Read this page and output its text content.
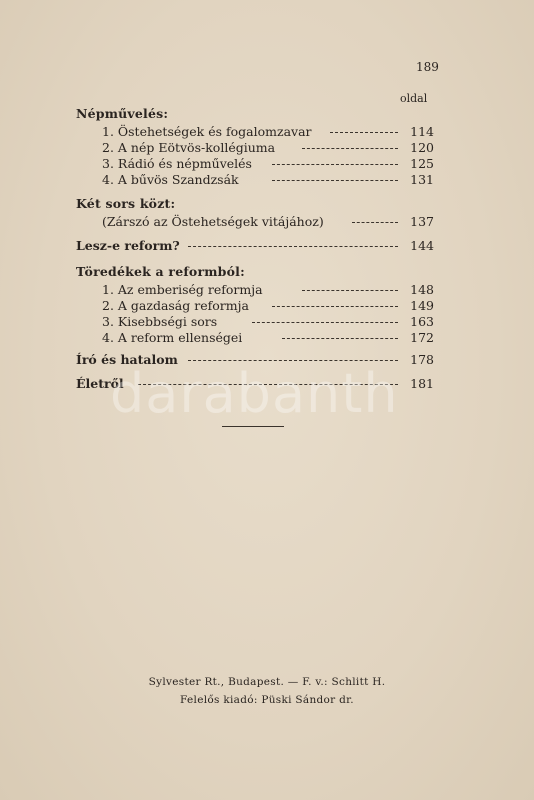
189
oldal
Népművelés:
1. Östehetségek és fogalomzavar	114
2. A nép Eötvös-kollégiuma	120
3. Rádió és népművelés	125
4. A bűvös Szandzsák	131
Két sors közt:
(Zárszó az Östehetségek vitájához)	137
Lesz-e reform?	144
Töredékek a reformból:
1. Az emberiség reformja	148
2. A gazdaság reformja	149
3. Kisebbségi sors	163
4. A reform ellenségei	172
Író és hatalom	178
Életről	181
Sylvester Rt., Budapest. — F. v.: Schlitt H.
Felelős kiadó: Püski Sándor dr.
darabanth
